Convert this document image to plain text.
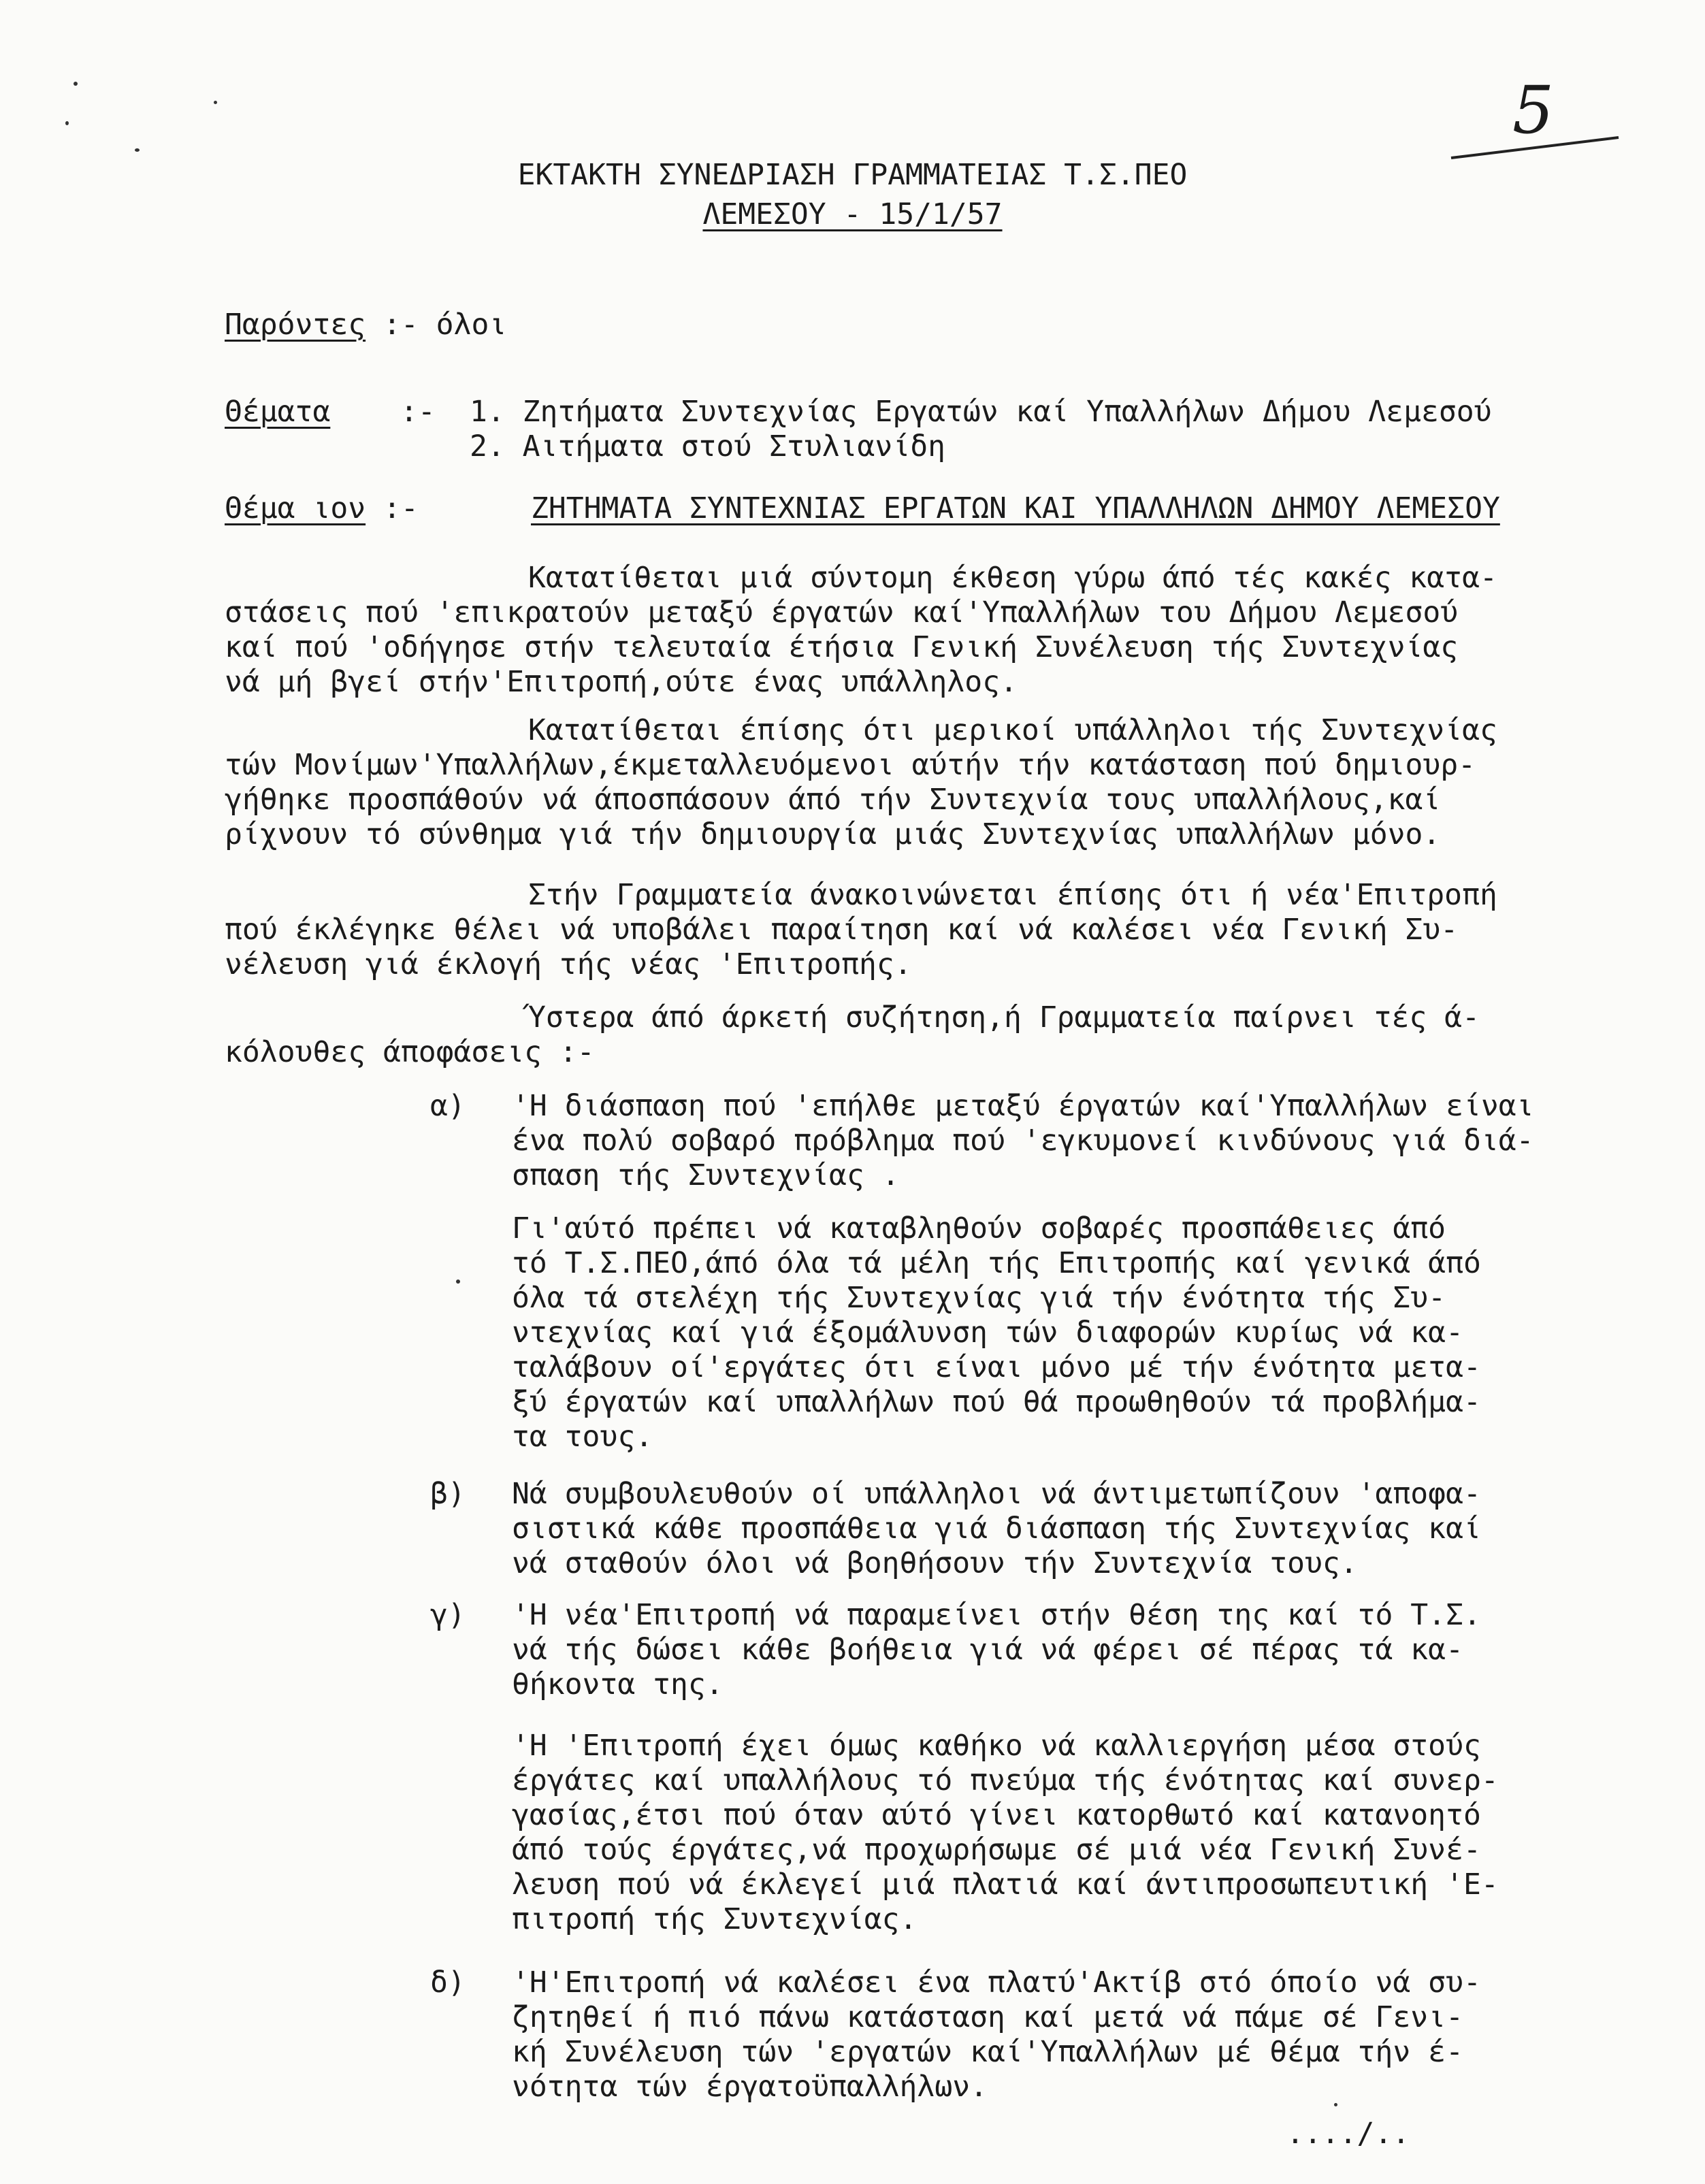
5
ΕΚΤΑΚΤΗ ΣΥΝΕΔΡΙΑΣΗ ΓΡΑΜΜΑΤΕΙΑΣ Τ.Σ.ΠΕΟ
ΛΕΜΕΣΟΥ - 15/1/57
Παρόντες :- όλοι
Θέματα :- 1. Ζητήματα Συντεχνίας Εργατών καί Υπαλλήλων Δήμου Λεμεσού
2. Αιτήματα στού Στυλιανίδη
Θέμα ιον :-	ΖΗΤΗΜΑΤΑ ΣΥΝΤΕΧΝΙΑΣ ΕΡΓΑΤΩΝ ΚΑΙ ΥΠΑΛΛΗΛΩΝ ΔΗΜΟΥ ΛΕΜΕΣΟΥ
Κατατίθεται μιά σύντομη έκθεση γύρω άπό τές κακές κατα-
στάσεις πού 'επικρατούν μεταξύ έργατών καί'Υπαλλήλων του Δήμου Λεμεσού
καί πού 'οδήγησε στήν τελευταία έτήσια Γενική Συνέλευση τής Συντεχνίας
νά μή βγεί στήν'Επιτροπή,ούτε ένας υπάλληλος.
Κατατίθεται έπίσης ότι μερικοί υπάλληλοι τής Συντεχνίας
τών Μονίμων'Υπαλλήλων,έκμεταλλευόμενοι αύτήν τήν κατάσταση πού δημιουρ-
γήθηκε προσπάθούν νά άποσπάσουν άπό τήν Συντεχνία τους υπαλλήλους,καί
ρίχνουν τό σύνθημα γιά τήν δημιουργία μιάς Συντεχνίας υπαλλήλων μόνο.
Στήν Γραμματεία άνακοινώνεται έπίσης ότι ή νέα'Επιτροπή
πού έκλέγηκε θέλει νά υποβάλει παραίτηση καί νά καλέσει νέα Γενική Συ-
νέλευση γιά έκλογή τής νέας 'Επιτροπής.
Ύστερα άπό άρκετή συζήτηση,ή Γραμματεία παίρνει τές ά-
κόλουθες άποφάσεις :-
α) 'Η διάσπαση πού 'επήλθε μεταξύ έργατών καί'Υπαλλήλων είναι
ένα πολύ σοβαρό πρόβλημα πού 'εγκυμονεί κινδύνους γιά διά-
σπαση τής Συντεχνίας .
Γι'αύτό πρέπει νά καταβληθούν σοβαρές προσπάθειες άπό
τό Τ.Σ.ΠΕΟ,άπό όλα τά μέλη τής Επιτροπής καί γενικά άπό
όλα τά στελέχη τής Συντεχνίας γιά τήν ένότητα τής Συ-
ντεχνίας καί γιά έξομάλυνση τών διαφορών κυρίως νά κα-
ταλάβουν οί'εργάτες ότι είναι μόνο μέ τήν ένότητα μετα-
ξύ έργατών καί υπαλλήλων πού θά προωθηθούν τά προβλήμα-
τα τους.
β) Νά συμβουλευθούν οί υπάλληλοι νά άντιμετωπίζουν 'αποφα-
σιστικά κάθε προσπάθεια γιά διάσπαση τής Συντεχνίας καί
νά σταθούν όλοι νά βοηθήσουν τήν Συντεχνία τους.
γ) 'Η νέα'Επιτροπή νά παραμείνει στήν θέση της καί τό Τ.Σ.
νά τής δώσει κάθε βοήθεια γιά νά φέρει σέ πέρας τά κα-
θήκοντα της.
'Η 'Επιτροπή έχει όμως καθήκο νά καλλιεργήση μέσα στούς
έργάτες καί υπαλλήλους τό πνεύμα τής ένότητας καί συνερ-
γασίας,έτσι πού όταν αύτό γίνει κατορθωτό καί κατανοητό
άπό τούς έργάτες,νά προχωρήσωμε σέ μιά νέα Γενική Συνέ-
λευση πού νά έκλεγεί μιά πλατιά καί άντιπροσωπευτική 'Ε-
πιτροπή τής Συντεχνίας.
δ) 'Η'Επιτροπή νά καλέσει ένα πλατύ'Ακτίβ στό όποίο νά συ-
ζητηθεί ή πιό πάνω κατάσταση καί μετά νά πάμε σέ Γενι-
κή Συνέλευση τών 'εργατών καί'Υπαλλήλων μέ θέμα τήν έ-
νότητα τών έργατοϋπαλλήλων.
..../..
